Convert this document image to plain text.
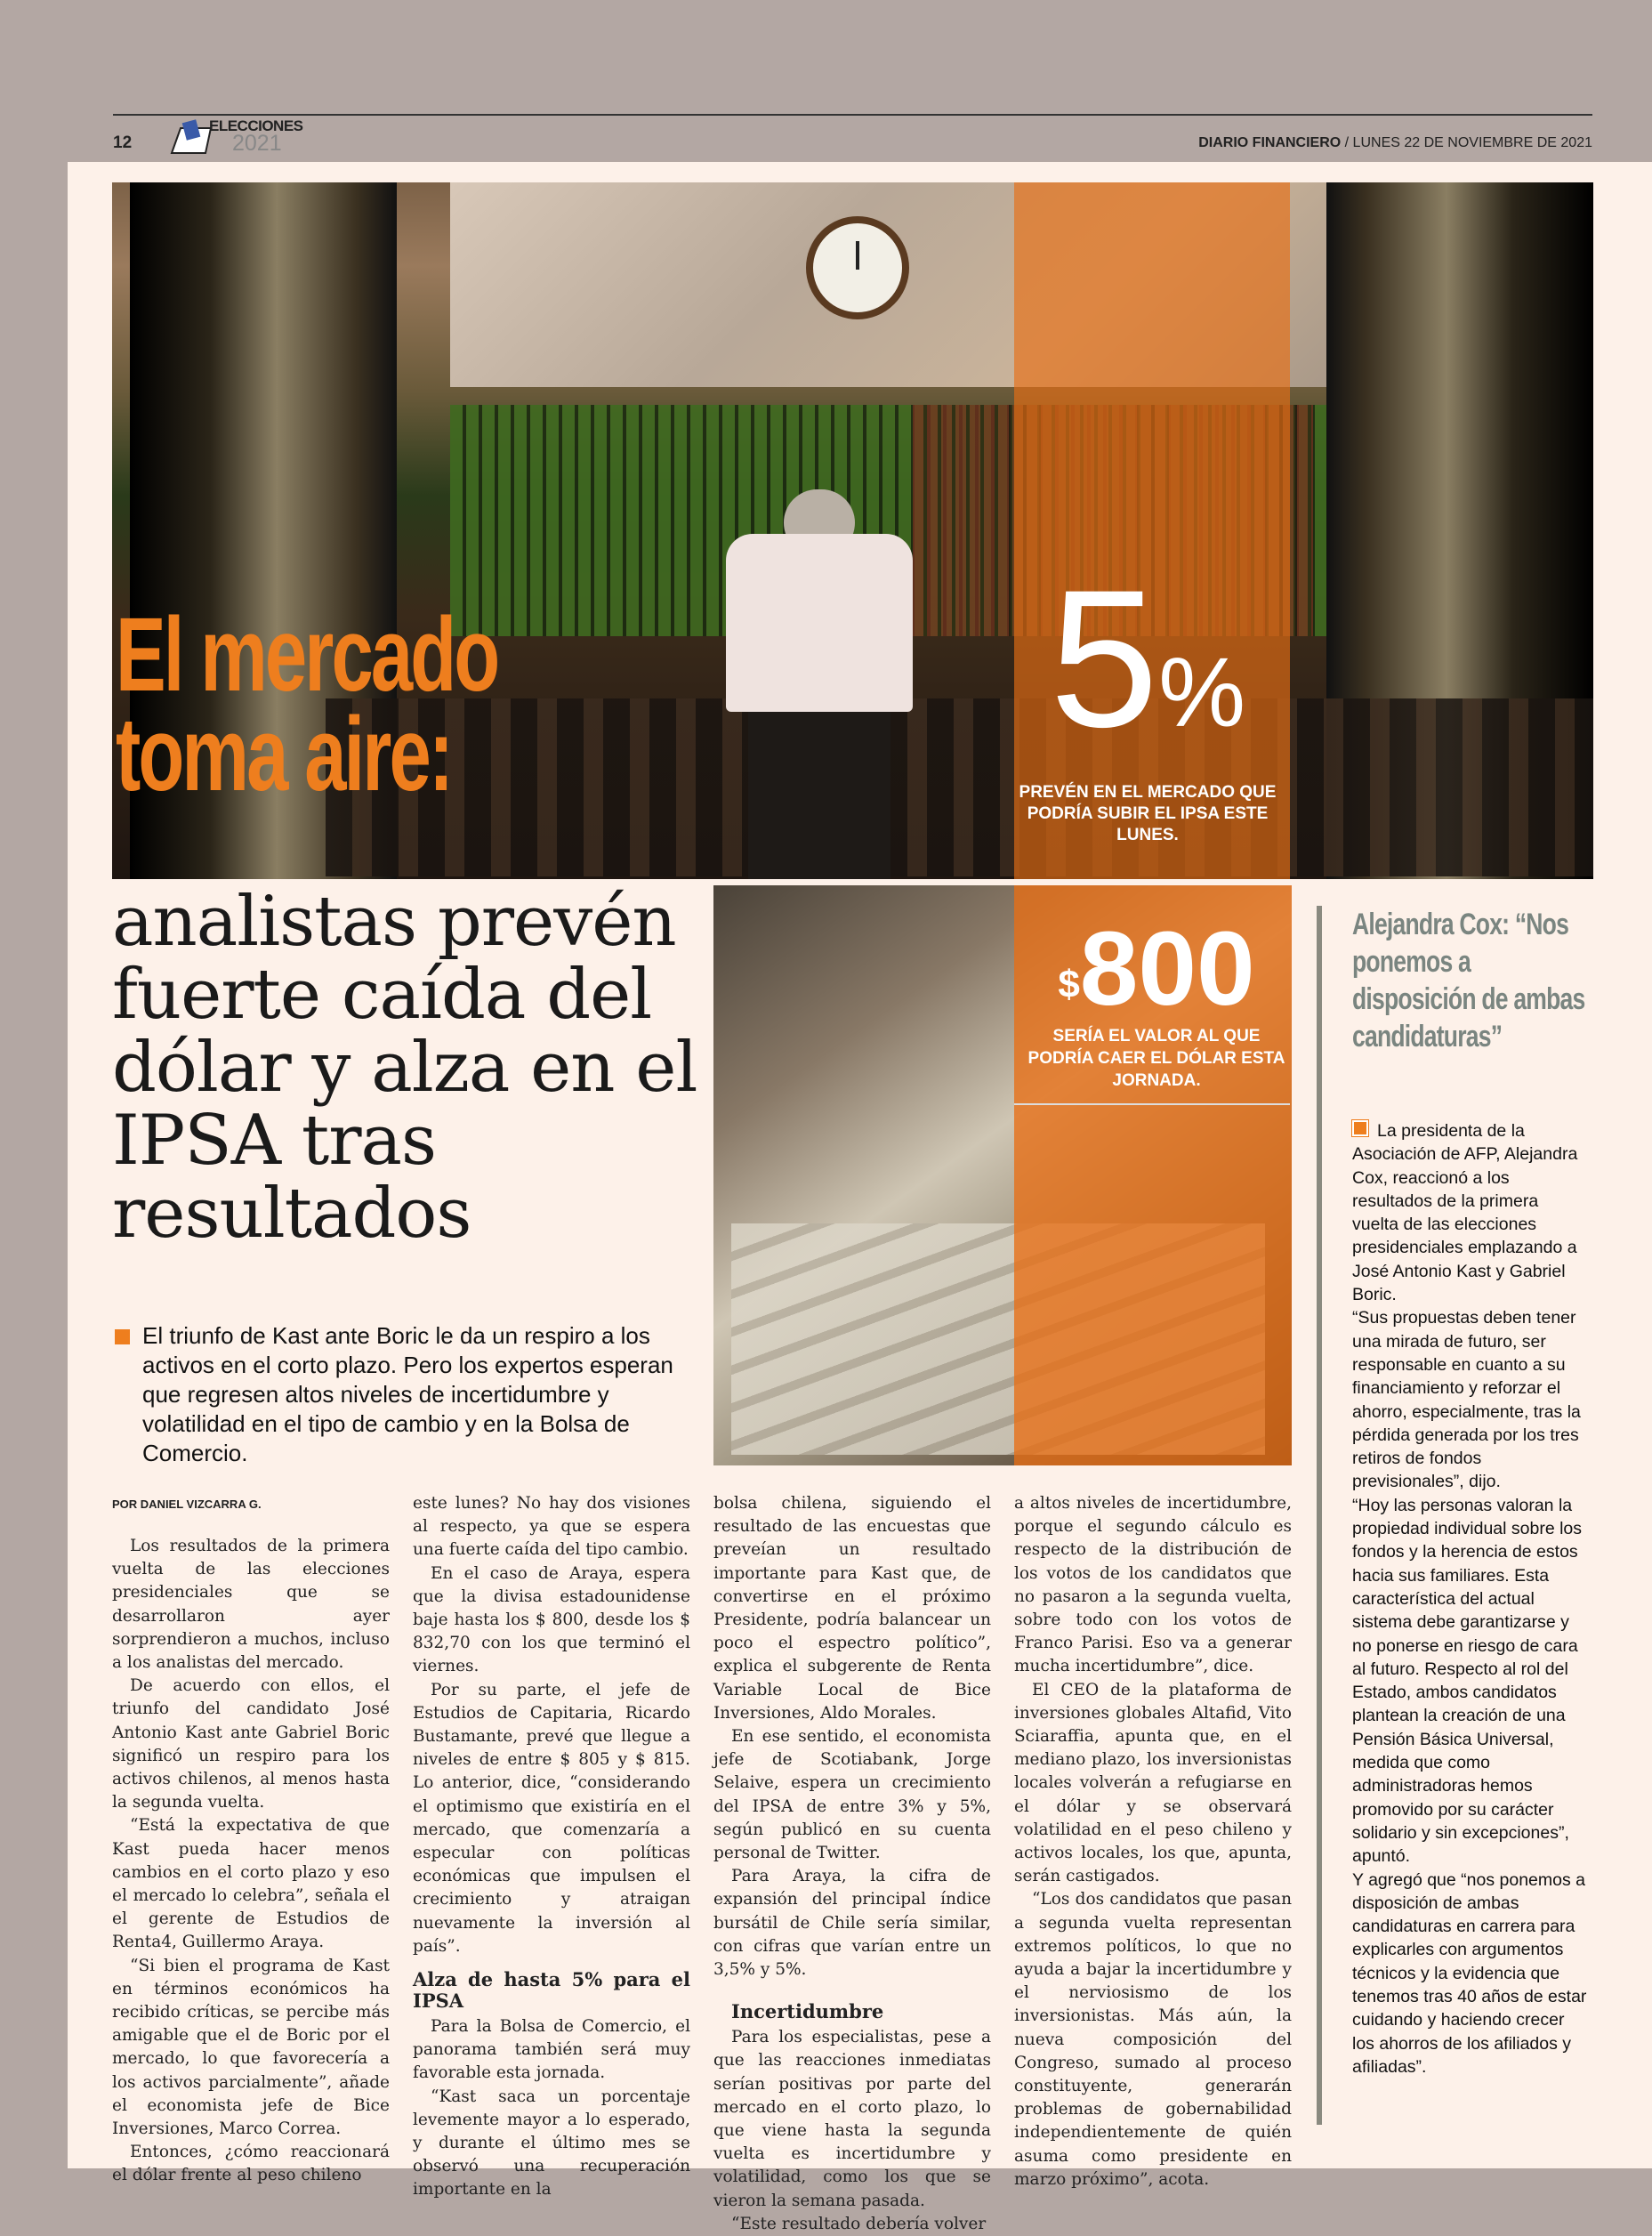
12
ELECCIONES
2021	DIARIO FINANCIERO / LUNES 22 DE NOVIEMBRE DE 2021
El mercado toma aire:	5%
PREVÉN EN EL MERCADO QUE PODRÍA SUBIR EL IPSA ESTE LUNES.
$800
SERÍA EL VALOR AL QUE PODRÍA CAER EL DÓLAR ESTA JORNADA.
analistas prevén fuerte caída del dólar y alza en el IPSA tras resultados
El triunfo de Kast ante Boric le da un respiro a los activos en el corto plazo. Pero los expertos esperan que regresen altos niveles de incertidumbre y volatilidad en el tipo de cambio y en la Bolsa de Comercio.
POR DANIEL VIZCARRA G.

Los resultados de la primera vuelta de las elecciones presidenciales que se desarrollaron ayer sorprendieron a muchos, incluso a los analistas del mercado.

De acuerdo con ellos, el triunfo del candidato José Antonio Kast ante Gabriel Boric significó un respiro para los activos chilenos, al menos hasta la segunda vuelta.

“Está la expectativa de que Kast pueda hacer menos cambios en el corto plazo y eso el mercado lo celebra”, señala el el gerente de Estudios de Renta4, Guillermo Araya.

“Si bien el programa de Kast en términos económicos ha recibido críticas, se percibe más amigable que el de Boric por el mercado, lo que favorecería a los activos parcialmente”, añade el economista jefe de Bice Inversiones, Marco Correa.

Entonces, ¿cómo reaccionará el dólar frente al peso chileno

este lunes? No hay dos visiones al respecto, ya que se espera una fuerte caída del tipo cambio.

En el caso de Araya, espera que la divisa estadounidense baje hasta los $ 800, desde los $ 832,70 con los que terminó el viernes.

Por su parte, el jefe de Estudios de Capitaria, Ricardo Bustamante, prevé que llegue a niveles de entre $ 805 y $ 815. Lo anterior, dice, “considerando el optimismo que existiría en el mercado, que comenzaría a especular con políticas económicas que impulsen el crecimiento y atraigan nuevamente la inversión al país”.

Alza de hasta 5% para el IPSA

Para la Bolsa de Comercio, el panorama también será muy favorable esta jornada.

“Kast saca un porcentaje levemente mayor a lo esperado, y durante el último mes se observó una recuperación importante en la

bolsa chilena, siguiendo el resultado de las encuestas que preveían un resultado importante para Kast que, de convertirse en el próximo Presidente, podría balancear un poco el espectro político”, explica el subgerente de Renta Variable Local de Bice Inversiones, Aldo Morales.

En ese sentido, el economista jefe de Scotiabank, Jorge Selaive, espera un crecimiento del IPSA de entre 3% y 5%, según publicó en su cuenta personal de Twitter.

Para Araya, la cifra de expansión del principal índice bursátil de Chile sería similar, con cifras que varían entre un 3,5% y 5%.

Incertidumbre

Para los especialistas, pese a que las reacciones inmediatas serían positivas por parte del mercado en el corto plazo, lo que viene hasta la segunda vuelta es incertidumbre y volatilidad, como los que se vieron la semana pasada.

“Este resultado debería volver

a altos niveles de incertidumbre, porque el segundo cálculo es respecto de la distribución de los votos de los candidatos que no pasaron a la segunda vuelta, sobre todo con los votos de Franco Parisi. Eso va a generar mucha incertidumbre”, dice.

El CEO de la plataforma de inversiones globales Altafid, Vito Sciaraffia, apunta que, en el mediano plazo, los inversionistas locales volverán a refugiarse en el dólar y se observará volatilidad en el peso chileno y activos locales, los que, apunta, serán castigados.

“Los dos candidatos que pasan a segunda vuelta representan extremos políticos, lo que no ayuda a bajar la incertidumbre y el nerviosismo de los inversionistas. Más aún, la nueva composición del Congreso, sumado al proceso constituyente, generarán problemas de gobernabilidad independientemente de quién asuma como presidente en marzo próximo”, acota.

Alejandra Cox: “Nos ponemos a disposición de ambas candidaturas”

La presidenta de la Asociación de AFP, Alejandra Cox, reaccionó a los resultados de la primera vuelta de las elecciones presidenciales emplazando a José Antonio Kast y Gabriel Boric.

“Sus propuestas deben tener una mirada de futuro, ser responsable en cuanto a su financiamiento y reforzar el ahorro, especialmente, tras la pérdida generada por los tres retiros de fondos previsionales”, dijo.

“Hoy las personas valoran la propiedad individual sobre los fondos y la herencia de estos hacia sus familiares. Esta característica del actual sistema debe garantizarse y no ponerse en riesgo de cara al futuro. Respecto al rol del Estado, ambos candidatos plantean la creación de una Pensión Básica Universal, medida que como administradoras hemos promovido por su carácter solidario y sin excepciones”, apuntó.

Y agregó que “nos ponemos a disposición de ambas candidaturas en carrera para explicarles con argumentos técnicos y la evidencia que tenemos tras 40 años de estar cuidando y haciendo crecer los ahorros de los afiliados y afiliadas”.
